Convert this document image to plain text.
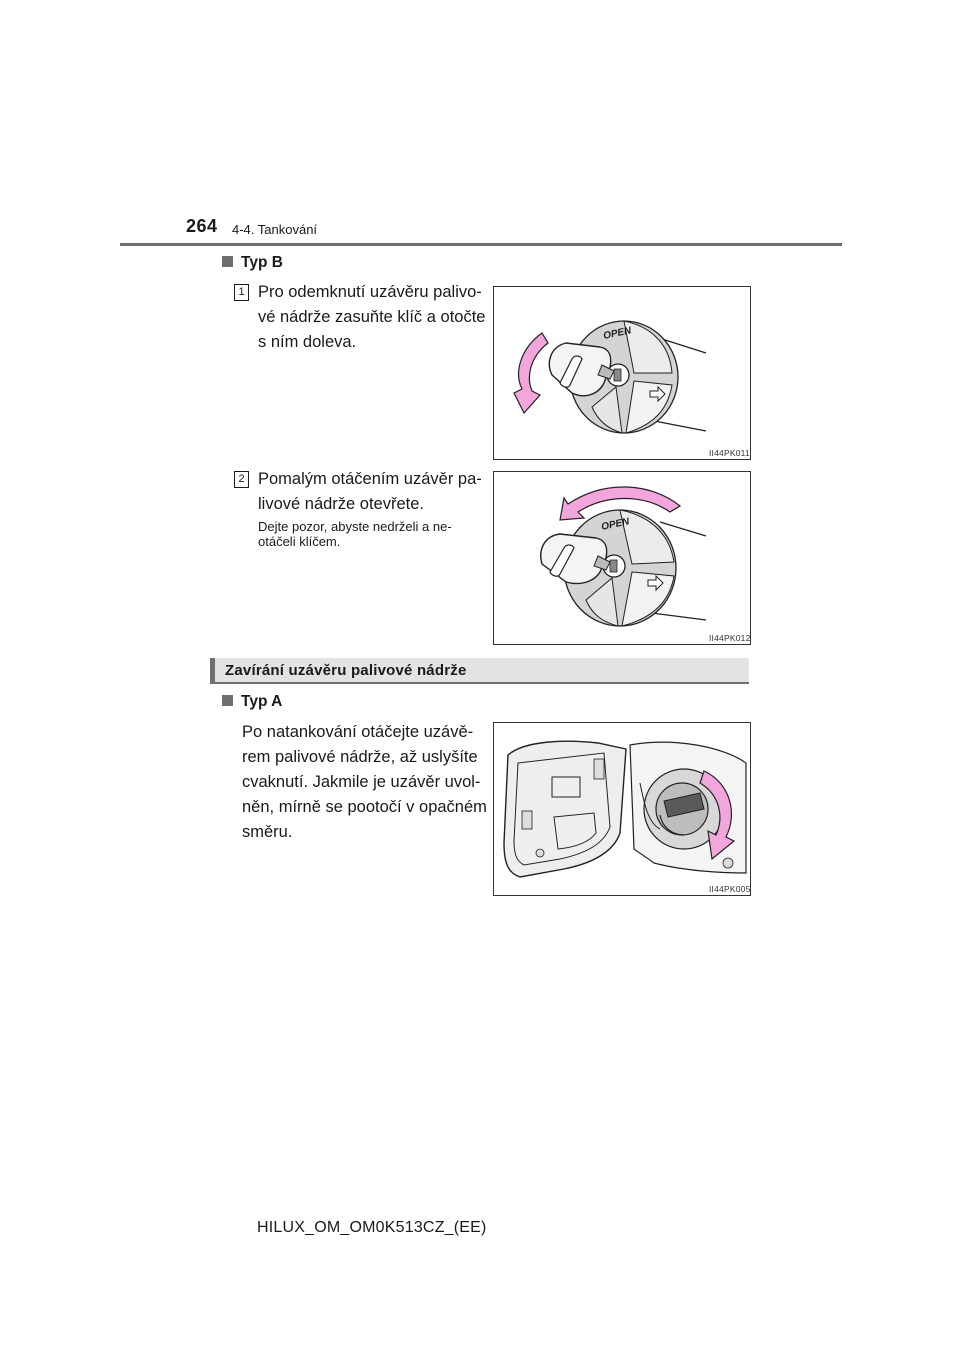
264 4-4. Tankování
Typ B
1 Pro odemknutí uzávěru palivo-
vé nádrže zasuňte klíč a otočte
s ním doleva.	OPEN
II44PK011
2 Pomalým otáčením uzávěr pa-
livové nádrže otevřete.
Dejte pozor, abyste nedrželi a ne-
otáčeli klíčem.
OPEN
II44PK012
Zavírání uzávěru palivové nádrže
Typ A
Po natankování otáčejte uzávě-
rem palivové nádrže, až uslyšíte
cvaknutí. Jakmile je uzávěr uvol-
něn, mírně se pootočí v opačném
směru.
II44PK005
HILUX_OM_OM0K513CZ_(EE)
